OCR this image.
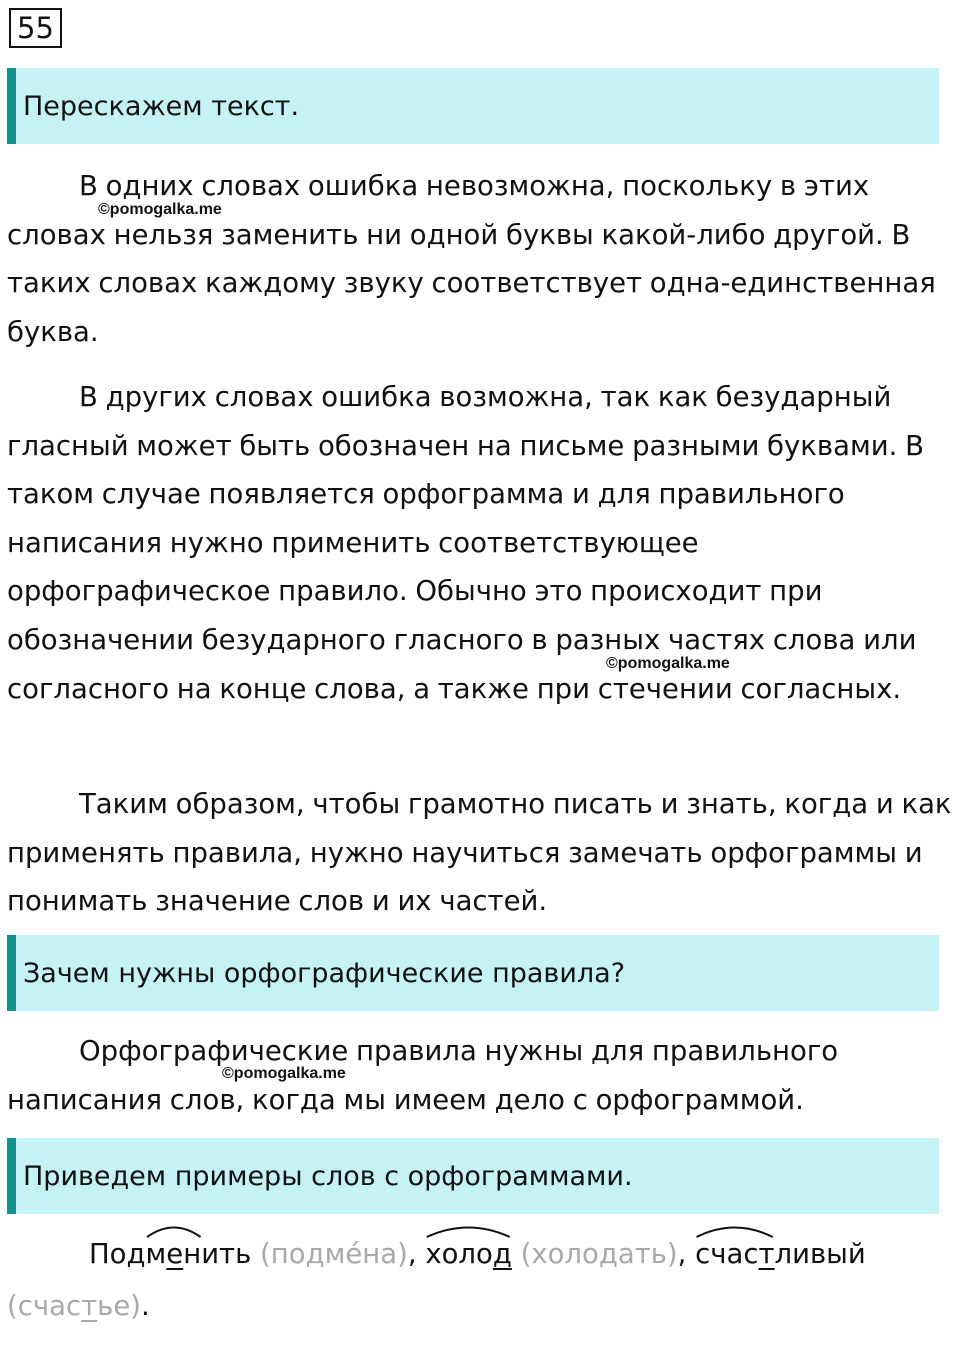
55
Перескажем текст.

В одних словах ошибка невозможна, поскольку в этих словах нельзя заменить ни одной буквы какой-либо другой. В таких словах каждому звуку соответствует одна-единственная буква.

©pomogalka.me

В других словах ошибка возможна, так как безударный гласный может быть обозначен на письме разными буквами. В таком случае появляется орфограмма и для правильного написания нужно применить соответствующее орфографическое правило. Обычно это происходит при обозначении безударного гласного в разных частях слова или согласного на конце слова, а также при стечении согласных.

©pomogalka.me

Таким образом, чтобы грамотно писать и знать, когда и как применять правила, нужно научиться замечать орфограммы и понимать значение слов и их частей.

Зачем нужны орфографические правила?

Орфографические правила нужны для правильного написания слов, когда мы имеем дело с орфограммой.

©pomogalka.me
Приведем примеры слов с орфограммами.

Под
менить (подме́на),
холод (холодать),
счастливый (счастье).
